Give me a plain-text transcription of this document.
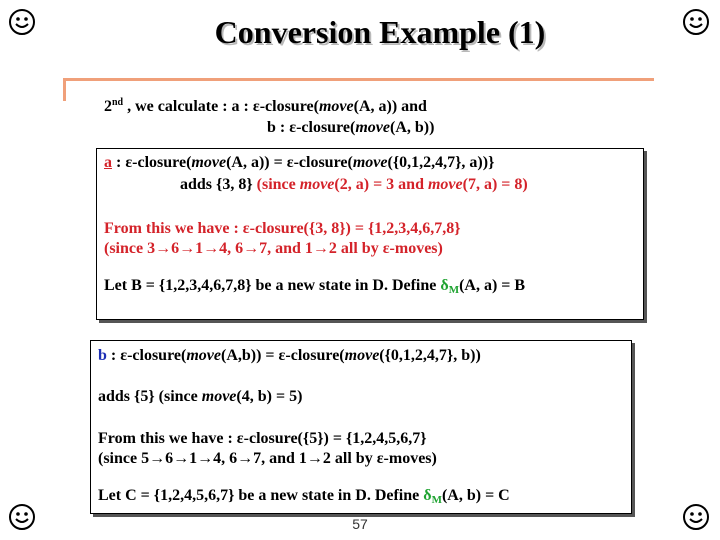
Conversion Example (1)
2nd , we calculate : a : ε-closure(move(A, a)) and
b : ε-closure(move(A, b))
a : ε-closure(move(A, a)) = ε-closure(move({0,1,2,4,7}, a))}
adds {3, 8} (since move(2, a) = 3 and move(7, a) = 8)
From this we have : ε-closure({3, 8}) = {1,2,3,4,6,7,8}
(since 3→6→1→4, 6→7, and 1→2 all by ε-moves)
Let B = {1,2,3,4,6,7,8} be a new state in D. Define $\delta_M(A$, a) = B
b : ε-closure(move(A,b)) = ε-closure(move({0,1,2,4,7}, b))
adds {5} (since move(4, b) = 5)
From this we have : ε-closure({5}) = {1,2,4,5,6,7}
(since 5→6→1→4, 6→7, and 1→2 all by ε-moves)
Let C = {1,2,4,5,6,7} be a new state in D. Define $\delta_M(A$, b) = C
57
